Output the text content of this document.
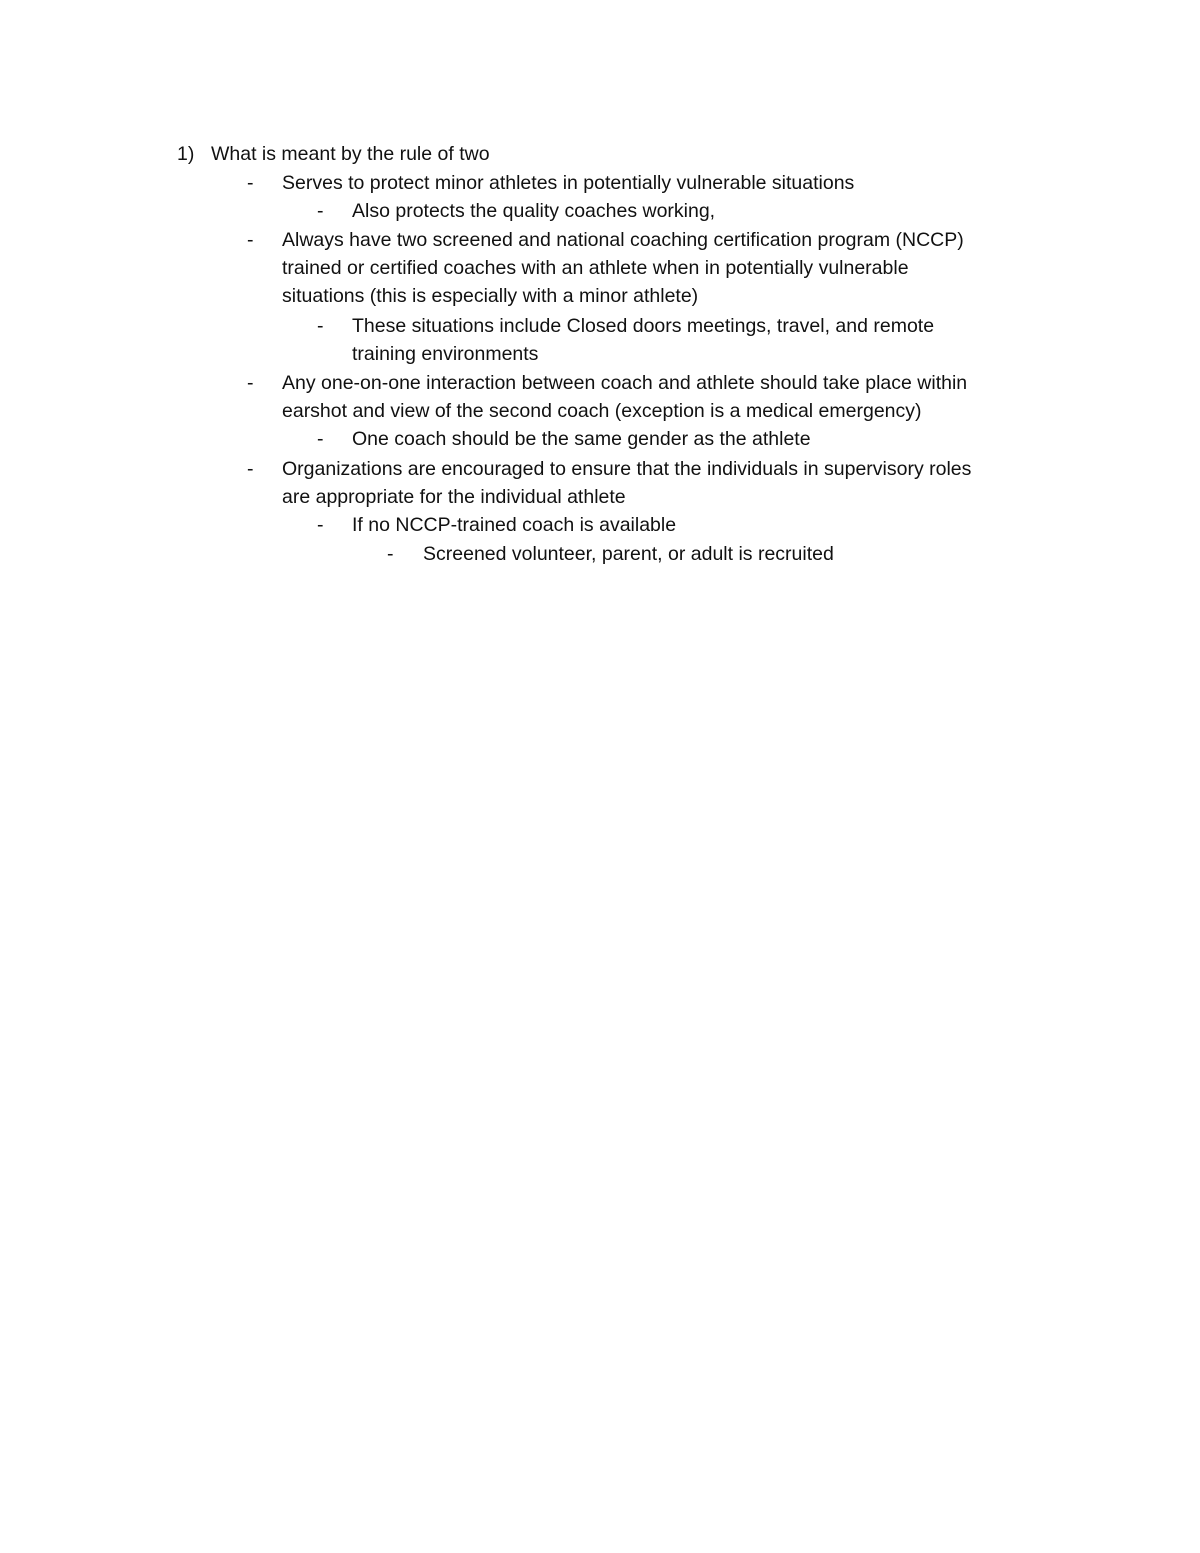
1) What is meant by the rule of two
- Serves to protect minor athletes in potentially vulnerable situations
- Also protects the quality coaches working,
- Always have two screened and national coaching certification program (NCCP)
trained or certified coaches with an athlete when in potentially vulnerable
situations (this is especially with a minor athlete)
- These situations include Closed doors meetings, travel, and remote
training environments
- Any one-on-one interaction between coach and athlete should take place within
earshot and view of the second coach (exception is a medical emergency)
- One coach should be the same gender as the athlete
- Organizations are encouraged to ensure that the individuals in supervisory roles
are appropriate for the individual athlete
- If no NCCP-trained coach is available
- Screened volunteer, parent, or adult is recruited
